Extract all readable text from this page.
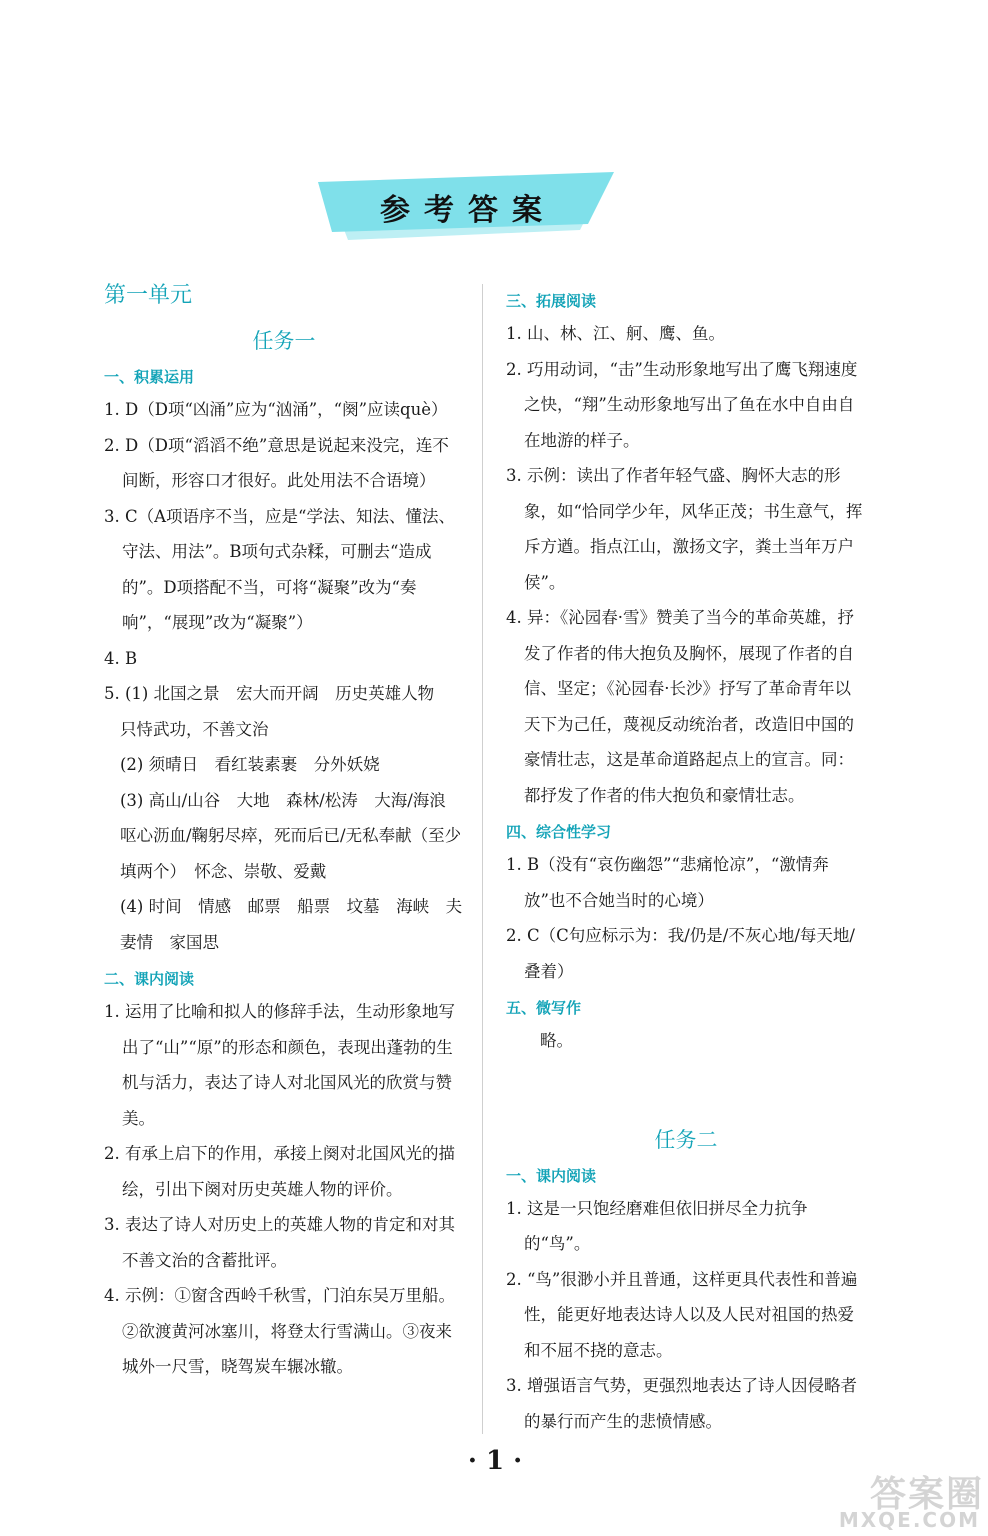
参考答案
第一单元
任务一
一、积累运用
1. D（D项“凶涌”应为“汹涌”，“阕”应读què）
2. D（D项“滔滔不绝”意思是说起来没完，连不间断，形容口才很好。此处用法不合语境）
3. C（A项语序不当，应是“学法、知法、懂法、守法、用法”。B项句式杂糅，可删去“造成的”。D项搭配不当，可将“凝聚”改为“奏响”，“展现”改为“凝聚”）
4. B
5. (1) 北国之景　宏大而开阔　历史英雄人物
只恃武功，不善文治
(2) 须晴日　看红装素裹　分外妖娆
(3) 高山/山谷　大地　森林/松涛　大海/海浪　呕心沥血/鞠躬尽瘁，死而后已/无私奉献（至少填两个）　怀念、崇敬、爱戴
(4) 时间　情感　邮票　船票　坟墓　海峡　夫妻情　家国思
二、课内阅读
1. 运用了比喻和拟人的修辞手法，生动形象地写出了“山”“原”的形态和颜色，表现出蓬勃的生机与活力，表达了诗人对北国风光的欣赏与赞美。
2. 有承上启下的作用，承接上阕对北国风光的描绘，引出下阕对历史英雄人物的评价。
3. 表达了诗人对历史上的英雄人物的肯定和对其不善文治的含蓄批评。
4. 示例：①窗含西岭千秋雪，门泊东吴万里船。②欲渡黄河冰塞川，将登太行雪满山。③夜来城外一尺雪，晓驾炭车辗冰辙。
三、拓展阅读
1. 山、林、江、舸、鹰、鱼。
2. 巧用动词，“击”生动形象地写出了鹰飞翔速度之快，“翔”生动形象地写出了鱼在水中自由自在地游的样子。
3. 示例：读出了作者年轻气盛、胸怀大志的形象，如“恰同学少年，风华正茂；书生意气，挥斥方遒。指点江山，激扬文字，粪土当年万户侯”。
4. 异：《沁园春·雪》赞美了当今的革命英雄，抒发了作者的伟大抱负及胸怀，展现了作者的自信、坚定；《沁园春·长沙》抒写了革命青年以天下为己任，蔑视反动统治者，改造旧中国的豪情壮志，这是革命道路起点上的宣言。同：都抒发了作者的伟大抱负和豪情壮志。
四、综合性学习
1. B（没有“哀伤幽怨”“悲痛怆凉”，“激情奔放”也不合她当时的心境）
2. C（C句应标示为：我/仍是/不灰心地/每天地/叠着）
五、微写作
略。
任务二
一、课内阅读
1. 这是一只饱经磨难但依旧拼尽全力抗争的“鸟”。
2. “鸟”很渺小并且普通，这样更具代表性和普遍性，能更好地表达诗人以及人民对祖国的热爱和不屈不挠的意志。
3. 增强语言气势，更强烈地表达了诗人因侵略者的暴行而产生的悲愤情感。
· 1 ·
答案圈
MXQE.COM
